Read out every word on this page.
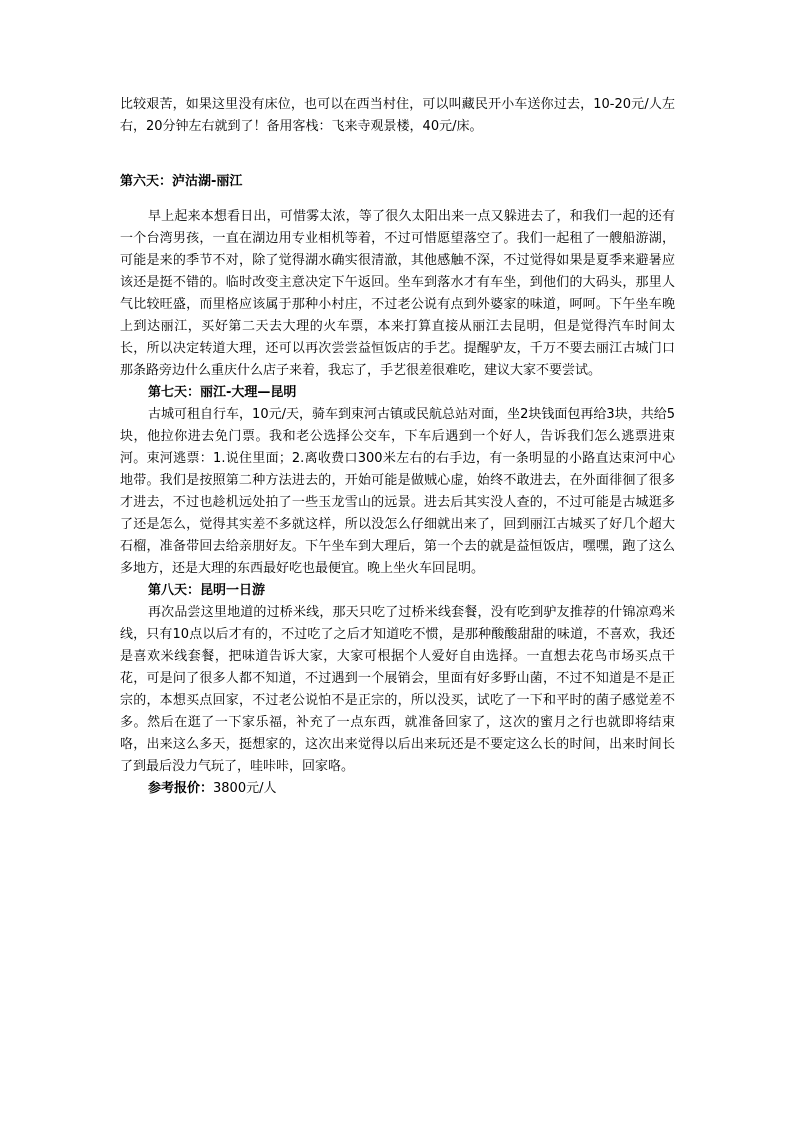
比较艰苦，如果这里没有床位，也可以在西当村住，可以叫藏民开小车送你过去，10-20元/人左右，20分钟左右就到了！备用客栈：飞来寺观景楼，40元/床。

第六天：泸沽湖-丽江

早上起来本想看日出，可惜雾太浓，等了很久太阳出来一点又躲进去了，和我们一起的还有一个台湾男孩，一直在湖边用专业相机等着，不过可惜愿望落空了。我们一起租了一艘船游湖，可能是来的季节不对，除了觉得湖水确实很清澈，其他感触不深，不过觉得如果是夏季来避暑应该还是挺不错的。临时改变主意决定下午返回。坐车到落水才有车坐，到他们的大码头，那里人气比较旺盛，而里格应该属于那种小村庄，不过老公说有点到外婆家的味道，呵呵。下午坐车晚上到达丽江，买好第二天去大理的火车票，本来打算直接从丽江去昆明，但是觉得汽车时间太长，所以决定转道大理，还可以再次尝尝益恒饭店的手艺。提醒驴友，千万不要去丽江古城门口那条路旁边什么重庆什么店子来着，我忘了，手艺很差很难吃，建议大家不要尝试。

第七天：丽江-大理—昆明

古城可租自行车，10元/天，骑车到束河古镇或民航总站对面，坐2块钱面包再给3块，共给5块，他拉你进去免门票。我和老公选择公交车，下车后遇到一个好人，告诉我们怎么逃票进束河。束河逃票：1.说住里面；2.离收费口300米左右的右手边，有一条明显的小路直达束河中心地带。我们是按照第二种方法进去的，开始可能是做贼心虚，始终不敢进去，在外面徘徊了很多才进去，不过也趁机远处拍了一些玉龙雪山的远景。进去后其实没人查的，不过可能是古城逛多了还是怎么，觉得其实差不多就这样，所以没怎么仔细就出来了，回到丽江古城买了好几个超大石榴，准备带回去给亲朋好友。下午坐车到大理后，第一个去的就是益恒饭店，嘿嘿，跑了这么多地方，还是大理的东西最好吃也最便宜。晚上坐火车回昆明。

第八天：昆明一日游

再次品尝这里地道的过桥米线，那天只吃了过桥米线套餐，没有吃到驴友推荐的什锦凉鸡米线，只有10点以后才有的，不过吃了之后才知道吃不惯，是那种酸酸甜甜的味道，不喜欢，我还是喜欢米线套餐，把味道告诉大家，大家可根据个人爱好自由选择。一直想去花鸟市场买点干花，可是问了很多人都不知道，不过遇到一个展销会，里面有好多野山菌，不过不知道是不是正宗的，本想买点回家，不过老公说怕不是正宗的，所以没买，试吃了一下和平时的菌子感觉差不多。然后在逛了一下家乐福，补充了一点东西，就准备回家了，这次的蜜月之行也就即将结束咯，出来这么多天，挺想家的，这次出来觉得以后出来玩还是不要定这么长的时间，出来时间长了到最后没力气玩了，哇咔咔，回家咯。

参考报价：3800元/人
